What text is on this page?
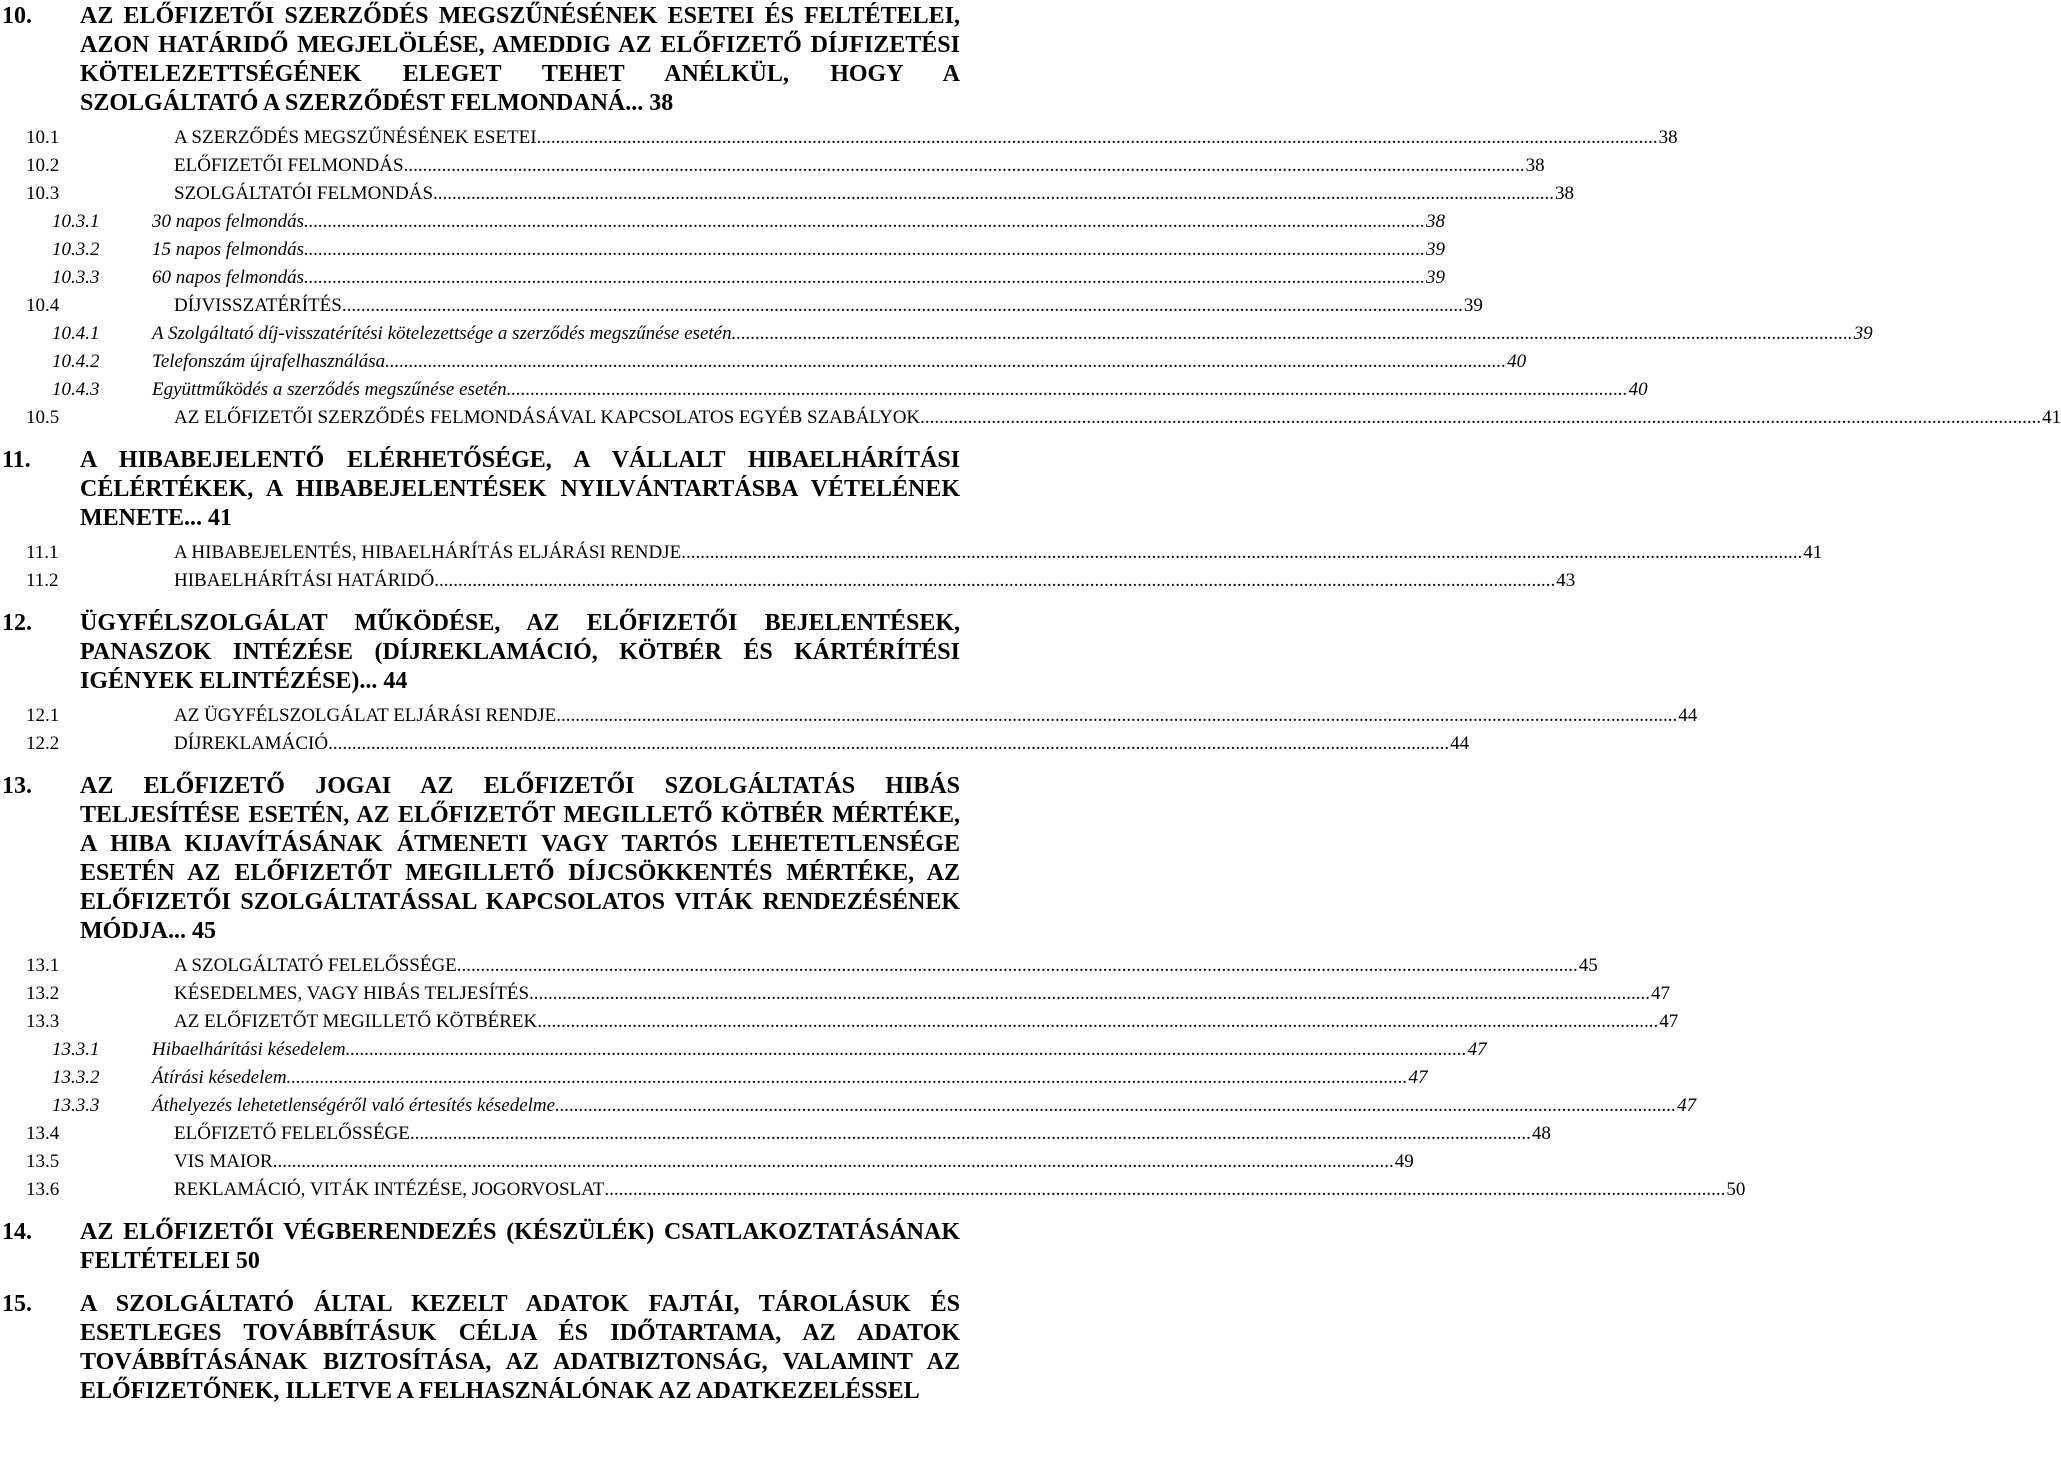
10. AZ ELŐFIZETŐI SZERZŐDÉS MEGSZŰNÉSÉNEK ESETEI ÉS FELTÉTELEI, AZON HATÁRIDŐ MEGJELÖLÉSE, AMEDDIG AZ ELŐFIZETŐ DÍJFIZETÉSI KÖTELEZETTSÉGÉNEK ELEGET TEHET ANÉLKÜL, HOGY A SZOLGÁLTATÓ A SZERZŐDÉST FELMONDANÁ... 38
10.1	A SZERZŐDÉS MEGSZŰNÉSÉNEK ESETEI .....	38
10.2	ELŐFIZETŐI FELMONDÁS .....	38
10.3	SZOLGÁLTATÓI FELMONDÁS .....	38
10.3.1	30 napos felmondás .....	38
10.3.2	15 napos felmondás .....	39
10.3.3	60 napos felmondás .....	39
10.4	DÍJVISSZATÉRÍTÉS .....	39
10.4.1	A Szolgáltató díj-visszatérítési kötelezettsége a szerződés megszűnése esetén .....	39
10.4.2	Telefonszám újrafelhasználása .....	40
10.4.3	Együttműködés a szerződés megszűnése esetén .....	40
10.5	AZ ELŐFIZETŐI SZERZŐDÉS FELMONDÁSÁVAL KAPCSOLATOS EGYÉB SZABÁLYOK .....	41
11. A HIBABEJELENTŐ ELÉRHETŐSÉGE, A VÁLLALT HIBAELHÁRÍTÁSI CÉLÉRTÉKEK, A HIBABEJELENTÉSEK NYILVÁNTARTÁSBA VÉTELÉNEK MENETE... 41
11.1	A HIBABEJELENTÉS, HIBAELHÁRÍTÁS ELJÁRÁSI RENDJE .....	41
11.2	HIBAELHÁRÍTÁSI HATÁRIDŐ .....	43
12. ÜGYFÉLSZOLGÁLAT MŰKÖDÉSE, AZ ELŐFIZETŐI BEJELENTÉSEK, PANASZOK INTÉZÉSE (DÍJREKLAMÁCIÓ, KÖTBÉR ÉS KÁRTÉRÍTÉSI IGÉNYEK ELINTÉZÉSE)... 44
12.1	AZ ÜGYFÉLSZOLGÁLAT ELJÁRÁSI RENDJE .....	44
12.2	DÍJREKLAMÁCIÓ .....	44
13. AZ ELŐFIZETŐ JOGAI AZ ELŐFIZETŐI SZOLGÁLTATÁS HIBÁS TELJESÍTÉSE ESETÉN, AZ ELŐFIZETŐT MEGILLETŐ KÖTBÉR MÉRTÉKE, A HIBA KIJAVÍTÁSÁNAK ÁTMENETI VAGY TARTÓS LEHETETLENSÉGE ESETÉN AZ ELŐFIZETŐT MEGILLETŐ DÍJCSÖKKENTÉS MÉRTÉKE, AZ ELŐFIZETŐI SZOLGÁLTATÁSSAL KAPCSOLATOS VITÁK RENDEZÉSÉNEK MÓDJA... 45
13.1	A SZOLGÁLTATÓ FELELŐSSÉGE .....	45
13.2	KÉSEDELMES, VAGY HIBÁS TELJESÍTÉS .....	47
13.3	AZ ELŐFIZETŐT MEGILLETŐ KÖTBÉREK .....	47
13.3.1	Hibaelhárítási késedelem .....	47
13.3.2	Átírási késedelem .....	47
13.3.3	Áthelyezés lehetetlenségéről való értesítés késedelme .....	47
13.4	ELŐFIZETŐ FELELŐSSÉGE .....	48
13.5	VIS MAIOR .....	49
13.6	REKLAMÁCIÓ, VITÁK INTÉZÉSE, JOGORVOSLAT .....	50
14. AZ ELŐFIZETŐI VÉGBERENDEZÉS (KÉSZÜLÉK) CSATLAKOZTATÁSÁNAK FELTÉTELEI 50
15. A SZOLGÁLTATÓ ÁLTAL KEZELT ADATOK FAJTÁI, TÁROLÁSUK ÉS ESETLEGES TOVÁBBÍTÁSUK CÉLJA ÉS IDŐTARTAMA, AZ ADATOK TOVÁBBÍTÁSÁNAK BIZTOSÍTÁSA, AZ ADATBIZTONSÁG, VALAMINT AZ ELŐFIZETŐNEK, ILLETVE A FELHASZNÁLÓNAK AZ ADATKEZELÉSSEL
